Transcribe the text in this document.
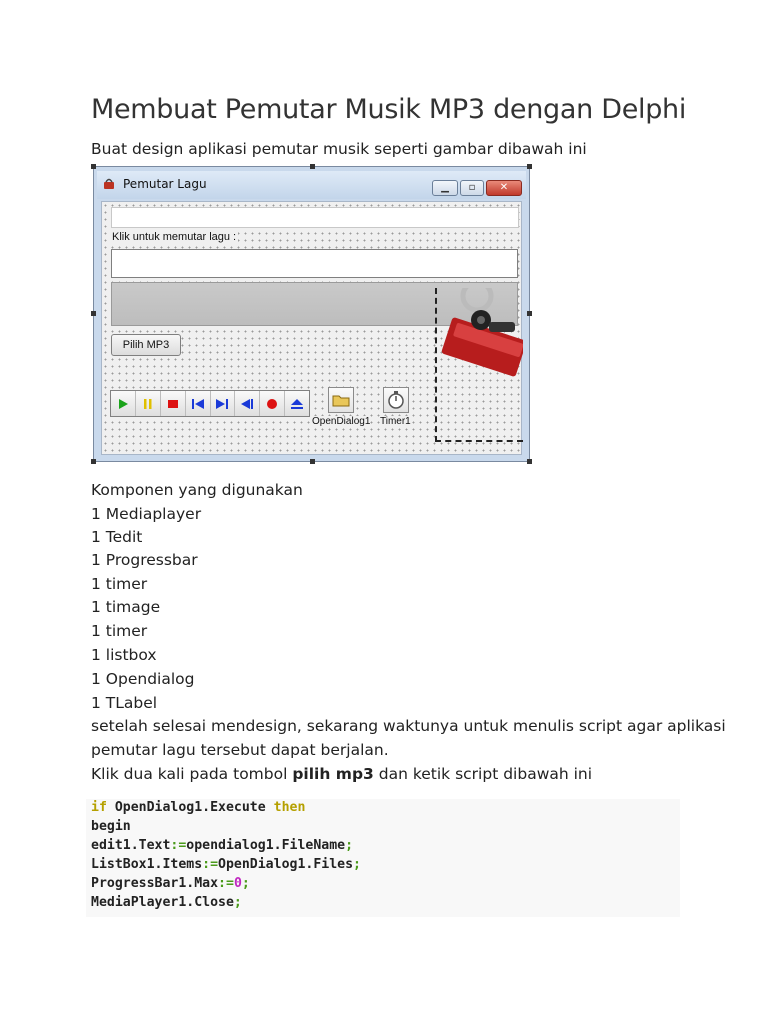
Membuat Pemutar Musik MP3 dengan Delphi
Buat design aplikasi pemutar musik seperti gambar dibawah ini
Pemutar Lagu	▁	▫	✕
Klik untuk memutar lagu :
Pilih MP3
OpenDialog1 Timer1
Komponen yang digunakan
1 Mediaplayer
1 Tedit
1 Progressbar
1 timer
1 timage
1 timer
1 listbox
1 Opendialog
1 TLabel
setelah selesai mendesign, sekarang waktunya untuk menulis script agar aplikasi
pemutar lagu tersebut dapat berjalan.
Klik dua kali pada tombol pilih mp3 dan ketik script dibawah ini
if OpenDialog1.Execute then
begin
edit1.Text:=opendialog1.FileName;
ListBox1.Items:=OpenDialog1.Files;
ProgressBar1.Max:=0;
MediaPlayer1.Close;
